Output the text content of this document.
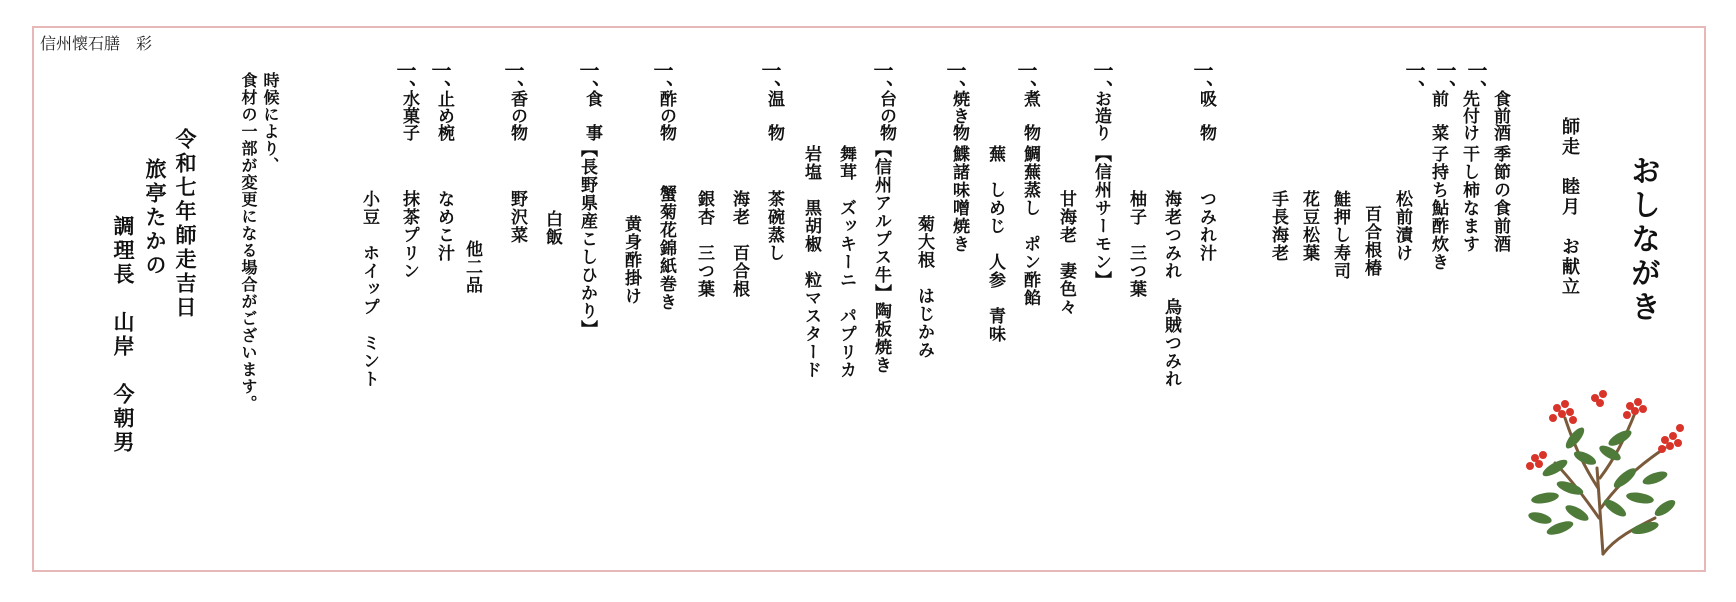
信州懐石膳　彩
おしながき
師走　睦月　お献立
一、
食前酒
季節の食前酒
一、
先付け
干し柿なます
一、
前　菜
子持ち鮎酢炊き
松前漬け
百合根椿
鮭押し寿司
花豆松葉
手長海老
一、
吸　物
つみれ汁
海老つみれ　烏賊つみれ
柚子　三つ葉
一、
お造り
【信州サーモン】
甘海老　妻色々
一、
煮　物
鯛蕪蒸し　ポン酢餡
蕪　しめじ　人参　青味
一、
焼き物
鰈諸味噌焼き
菊大根　はじかみ
一、
台の物
【信州アルプス牛】陶板焼き
舞茸　ズッキーニ　パプリカ
岩塩　黒胡椒　粒マスタード
一、
温　物
茶碗蒸し
海老　百合根
銀杏　三つ葉
一、
酢の物
蟹菊花錦紙巻き
黄身酢掛け
一、
食　事
【長野県産こしひかり】
白飯
一、
香の物
野沢菜
他二品
一、
止め椀
なめこ汁
一、
水菓子
抹茶プリン
小豆　ホイップ　ミント
時候により、
食材の一部が変更になる場合がございます。
令和七年師走吉日
旅亭たかの
調理長　山岸　今朝男
